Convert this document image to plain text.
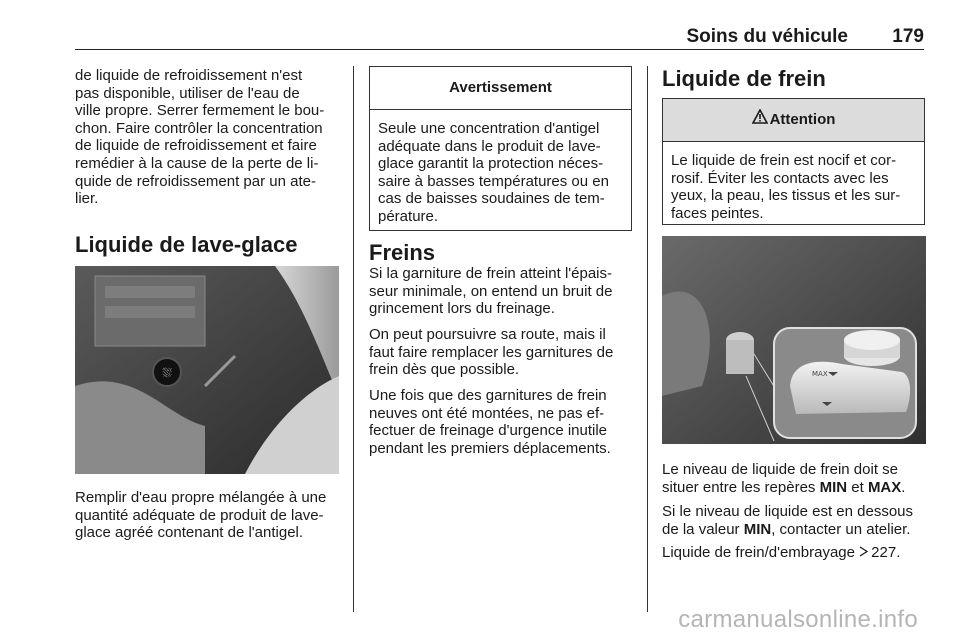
Soins du véhicule 179

de liquide de refroidissement n'est

pas disponible, utiliser de l'eau de

ville propre. Serrer fermement le bou-

chon. Faire contrôler la concentration

de liquide de refroidissement et faire

remédier à la cause de la perte de li-

quide de refroidissement par un ate-

lier.

Liquide de lave-glace
⛆

Remplir d'eau propre mélangée à une

quantité adéquate de produit de lave-

glace agréé contenant de l'antigel.

Avertissement

Seule une concentration d'antigel

adéquate dans le produit de lave-

glace garantit la protection néces-

saire à basses températures ou en

cas de baisses soudaines de tem-

pérature.

Freins

Si la garniture de frein atteint l'épais-

seur minimale, on entend un bruit de

grincement lors du freinage.

On peut poursuivre sa route, mais il

faut faire remplacer les garnitures de

frein dès que possible.

Une fois que des garnitures de frein

neuves ont été montées, ne pas ef-

fectuer de freinage d'urgence inutile

pendant les premiers déplacements.

Liquide de frein
Attention

Le liquide de frein est nocif et cor-

rosif. Éviter les contacts avec les

yeux, la peau, les tissus et les sur-

faces peintes.

MAX

Le niveau de liquide de frein doit se

situer entre les repères MIN et MAX.

Si le niveau de liquide est en dessous

de la valeur MIN, contacter un atelier.

Liquide de frein/d'embrayage 227.

carmanualsonline.info
